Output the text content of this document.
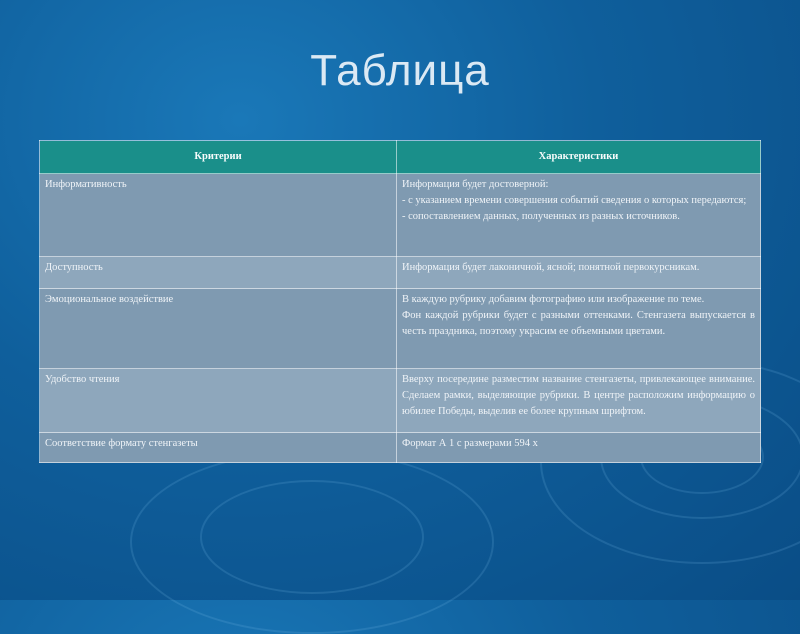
Таблица
Критерии	Характеристики
Информативность	Информация будет достоверной:
- с указанием времени совершения событий сведения о которых передаются;
- сопоставлением данных, полученных из разных источников.

Доступность	Информация будет лаконичной, ясной; понятной первокурсникам.

Эмоциональное воздействие	В каждую рубрику добавим фотографию или изображение по теме.
Фон каждой рубрики будет с разными оттенками. Стенгазета выпускается в честь праздника, поэтому украсим ее объемными цветами.

Удобство чтения	Вверху посередине разместим название стенгазеты, привлекающее внимание. Сделаем рамки, выделяющие рубрики. В центре расположим информацию о юбилее Победы, выделив ее более крупным шрифтом.

Соответствие формату стенгазеты	Формат А 1 с размерами 594 х
